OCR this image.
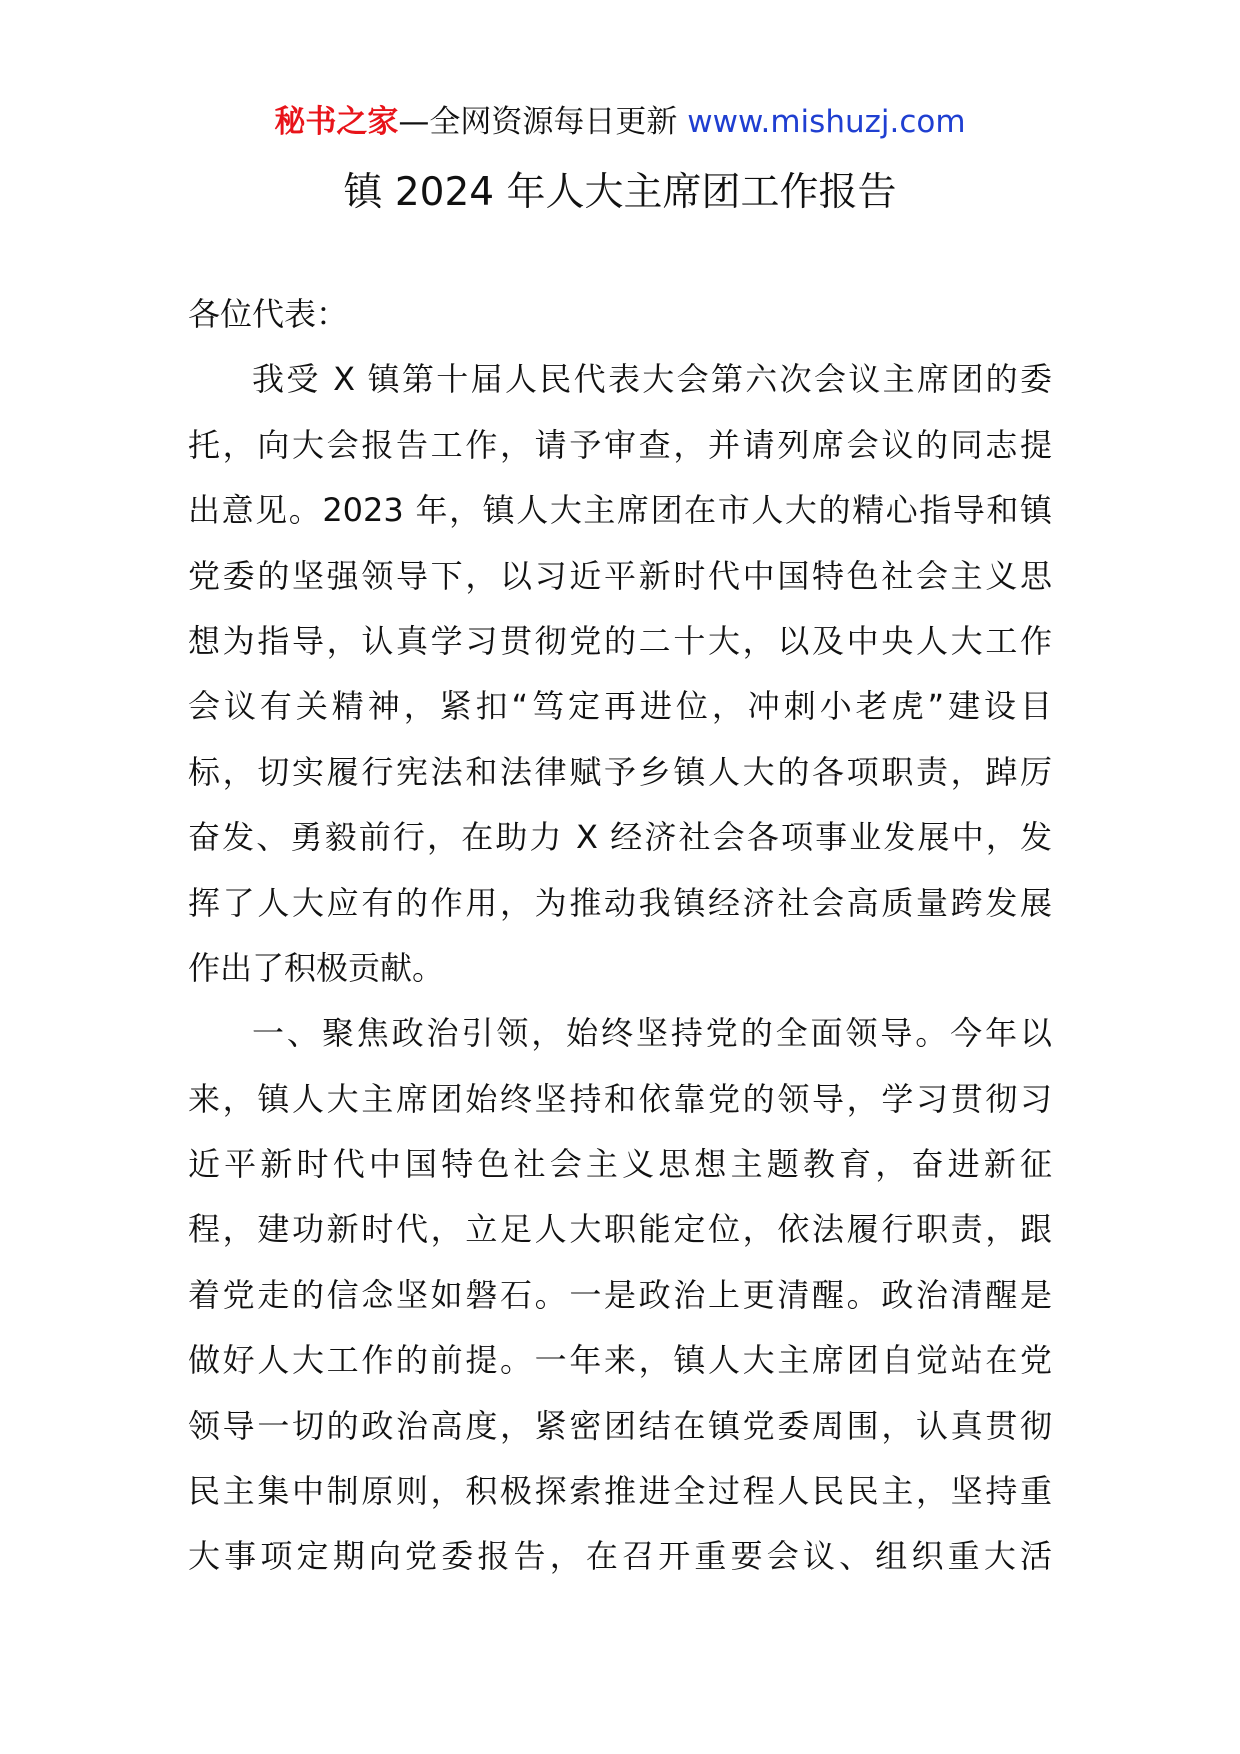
秘书之家—全网资源每日更新 www.mishuzj.com
镇 2024 年人大主席团工作报告
各位代表：
我受 X 镇第十届人民代表大会第六次会议主席团的委
托，向大会报告工作，请予审查，并请列席会议的同志提
出意见。2023 年，镇人大主席团在市人大的精心指导和镇
党委的坚强领导下，以习近平新时代中国特色社会主义思
想为指导，认真学习贯彻党的二十大，以及中央人大工作
会议有关精神，紧扣“笃定再进位，冲刺小老虎”建设目
标，切实履行宪法和法律赋予乡镇人大的各项职责，踔厉
奋发、勇毅前行，在助力 X 经济社会各项事业发展中，发
挥了人大应有的作用，为推动我镇经济社会高质量跨发展
作出了积极贡献。
一、聚焦政治引领，始终坚持党的全面领导。今年以
来，镇人大主席团始终坚持和依靠党的领导，学习贯彻习
近平新时代中国特色社会主义思想主题教育，奋进新征
程，建功新时代，立足人大职能定位，依法履行职责，跟
着党走的信念坚如磐石。一是政治上更清醒。政治清醒是
做好人大工作的前提。一年来，镇人大主席团自觉站在党
领导一切的政治高度，紧密团结在镇党委周围，认真贯彻
民主集中制原则，积极探索推进全过程人民民主，坚持重
大事项定期向党委报告，在召开重要会议、组织重大活
